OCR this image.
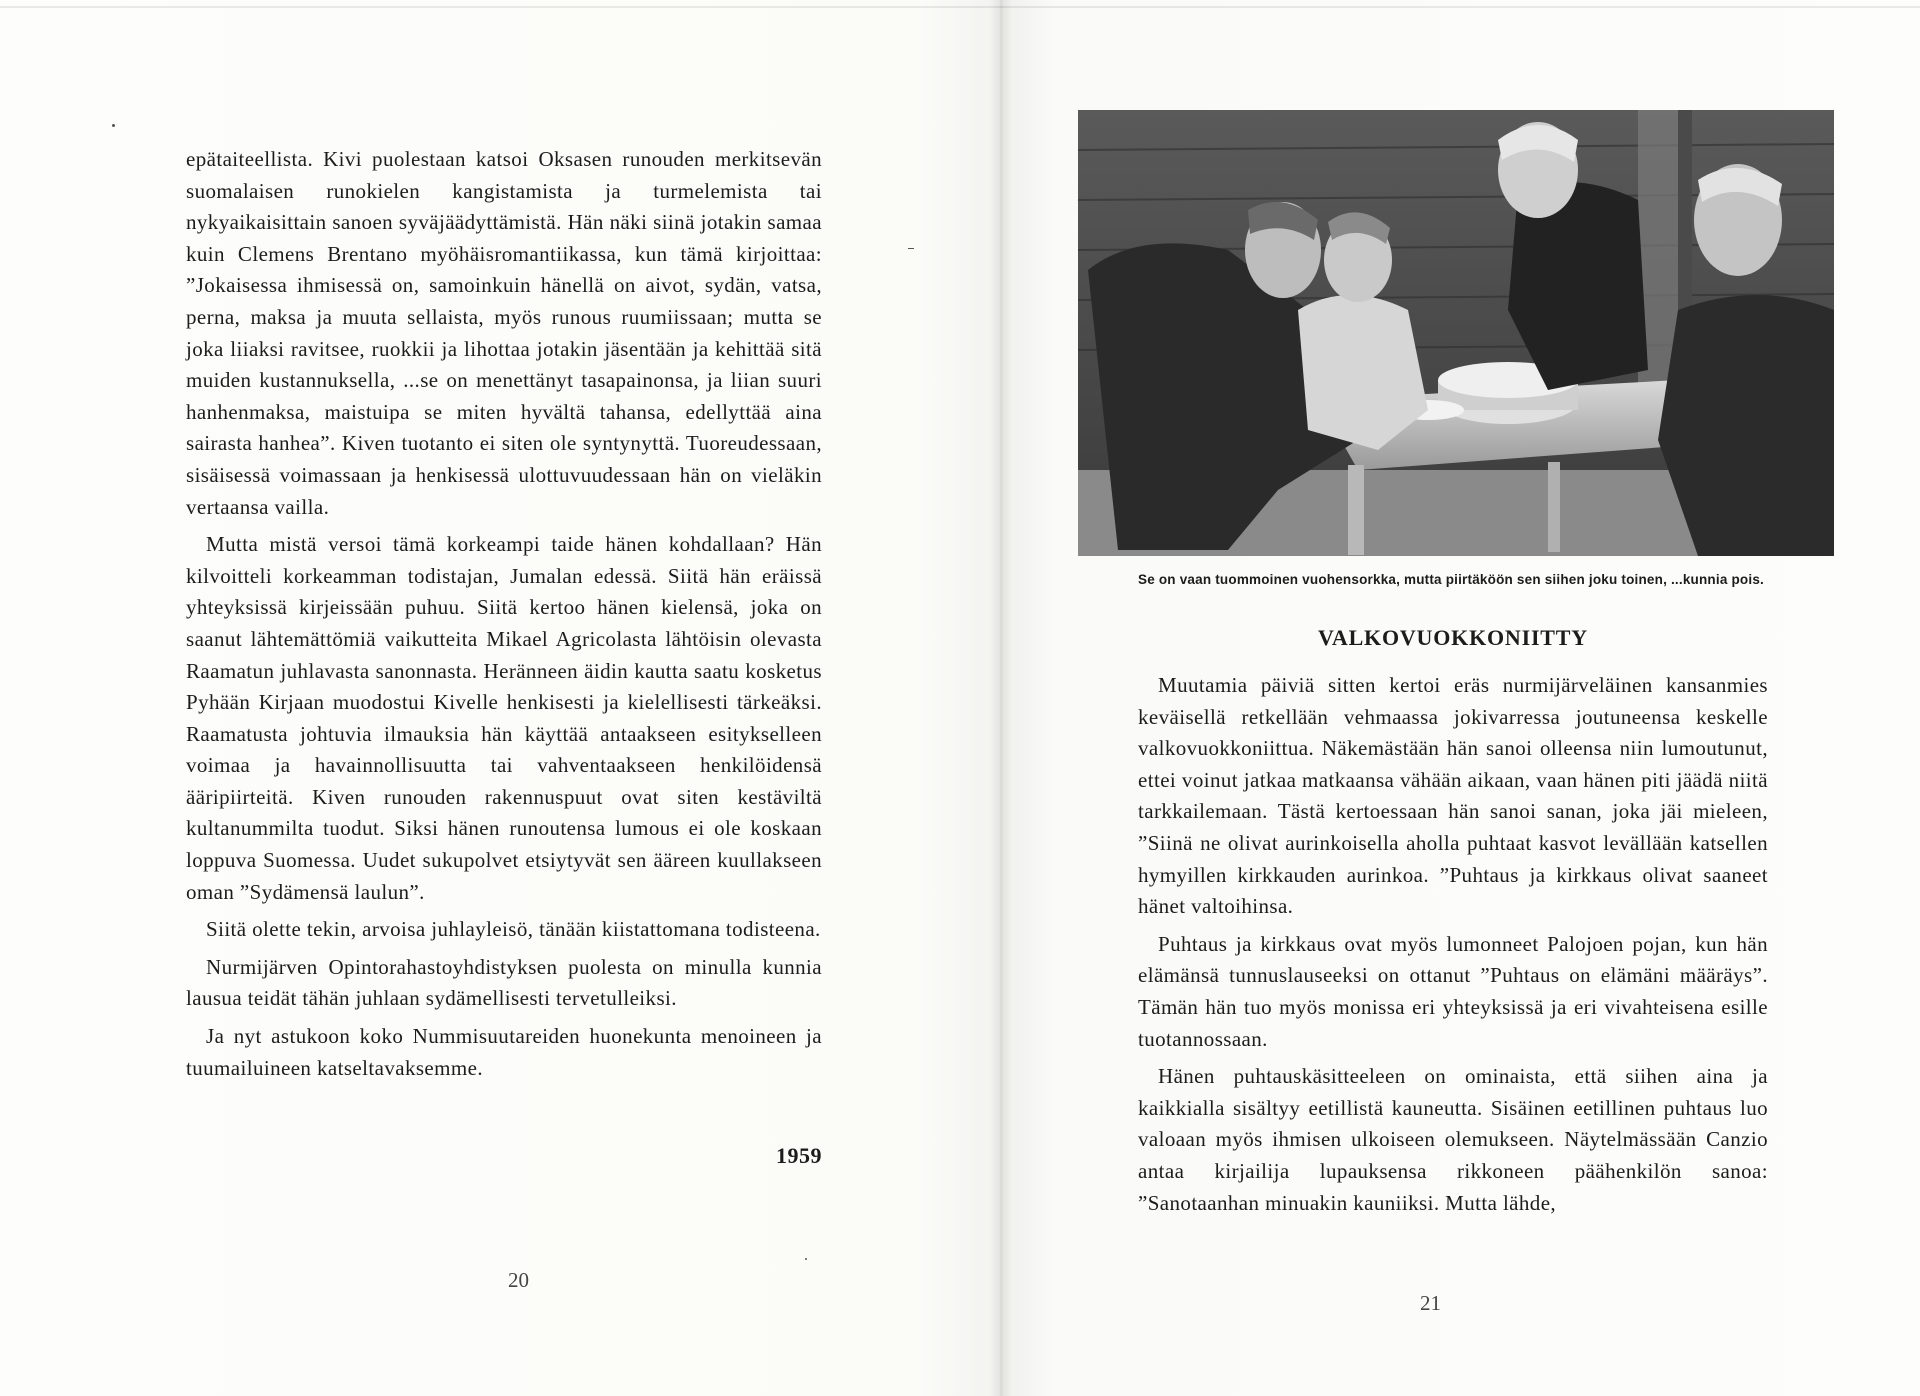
epätaiteellista. Kivi puolestaan katsoi Oksasen runouden merkitsevän suomalaisen runokielen kangistamista ja turmelemista tai nykyaikaisittain sanoen syväjäädyttämistä. Hän näki siinä jotakin samaa kuin Clemens Brentano myöhäisromantiikassa, kun tämä kirjoittaa: ”Jokaisessa ihmisessä on, samoinkuin hänellä on aivot, sydän, vatsa, perna, maksa ja muuta sellaista, myös runous ruumiissaan; mutta se joka liiaksi ravitsee, ruokkii ja lihottaa jotakin jäsentään ja kehittää sitä muiden kustannuksella, ...se on menettänyt tasapainonsa, ja liian suuri hanhenmaksa, maistuipa se miten hyvältä tahansa, edellyttää aina sairasta hanhea”. Kiven tuotanto ei siten ole syntynyttä. Tuoreudessaan, sisäisessä voimassaan ja henkisessä ulottuvuudessaan hän on vieläkin vertaansa vailla.

Mutta mistä versoi tämä korkeampi taide hänen kohdallaan? Hän kilvoitteli korkeamman todistajan, Jumalan edessä. Siitä hän eräissä yhteyksissä kirjeissään puhuu. Siitä kertoo hänen kielensä, joka on saanut lähtemättömiä vaikutteita Mikael Agricolasta lähtöisin olevasta Raamatun juhlavasta sanonnasta. Heränneen äidin kautta saatu kosketus Pyhään Kirjaan muodostui Kivelle henkisesti ja kielellisesti tärkeäksi. Raamatusta johtuvia ilmauksia hän käyttää antaakseen esitykselleen voimaa ja havainnollisuutta tai vahventaakseen henkilöidensä ääripiirteitä. Kiven runouden rakennuspuut ovat siten kestäviltä kultanummilta tuodut. Siksi hänen runoutensa lumous ei ole koskaan loppuva Suomessa. Uudet sukupolvet etsiytyvät sen ääreen kuullakseen oman ”Sydämensä laulun”.

Siitä olette tekin, arvoisa juhlayleisö, tänään kiistattomana todisteena.

Nurmijärven Opintorahastoyhdistyksen puolesta on minulla kunnia lausua teidät tähän juhlaan sydämellisesti tervetulleiksi.

Ja nyt astukoon koko Nummisuutareiden huonekunta menoineen ja tuumailuineen katseltavaksemme.

1959
20
Se on vaan tuommoinen vuohensorkka, mutta piirtäköön sen siihen joku toinen, ...kunnia pois.
VALKOVUOKKONIITTY

Muutamia päiviä sitten kertoi eräs nurmijärveläinen kansanmies keväisellä retkellään vehmaassa jokivarressa joutuneensa keskelle valkovuokkoniittua. Näkemästään hän sanoi olleensa niin lumoutunut, ettei voinut jatkaa matkaansa vähään aikaan, vaan hänen piti jäädä niitä tarkkailemaan. Tästä kertoessaan hän sanoi sanan, joka jäi mieleen, ”Siinä ne olivat aurinkoisella aholla puhtaat kasvot levällään katsellen hymyillen kirkkauden aurinkoa. ”Puhtaus ja kirkkaus olivat saaneet hänet valtoihinsa.

Puhtaus ja kirkkaus ovat myös lumonneet Palojoen pojan, kun hän elämänsä tunnuslauseeksi on ottanut ”Puhtaus on elämäni määräys”. Tämän hän tuo myös monissa eri yhteyksissä ja eri vivahteisena esille tuotannossaan.

Hänen puhtauskäsitteeleen on ominaista, että siihen aina ja kaikkialla sisältyy eetillistä kauneutta. Sisäinen eetillinen puhtaus luo valoaan myös ihmisen ulkoiseen olemukseen. Näytelmässään Canzio antaa kirjailija lupauksensa rikkoneen päähenkilön sanoa: ”Sanotaanhan minuakin kauniiksi. Mutta lähde,

21
